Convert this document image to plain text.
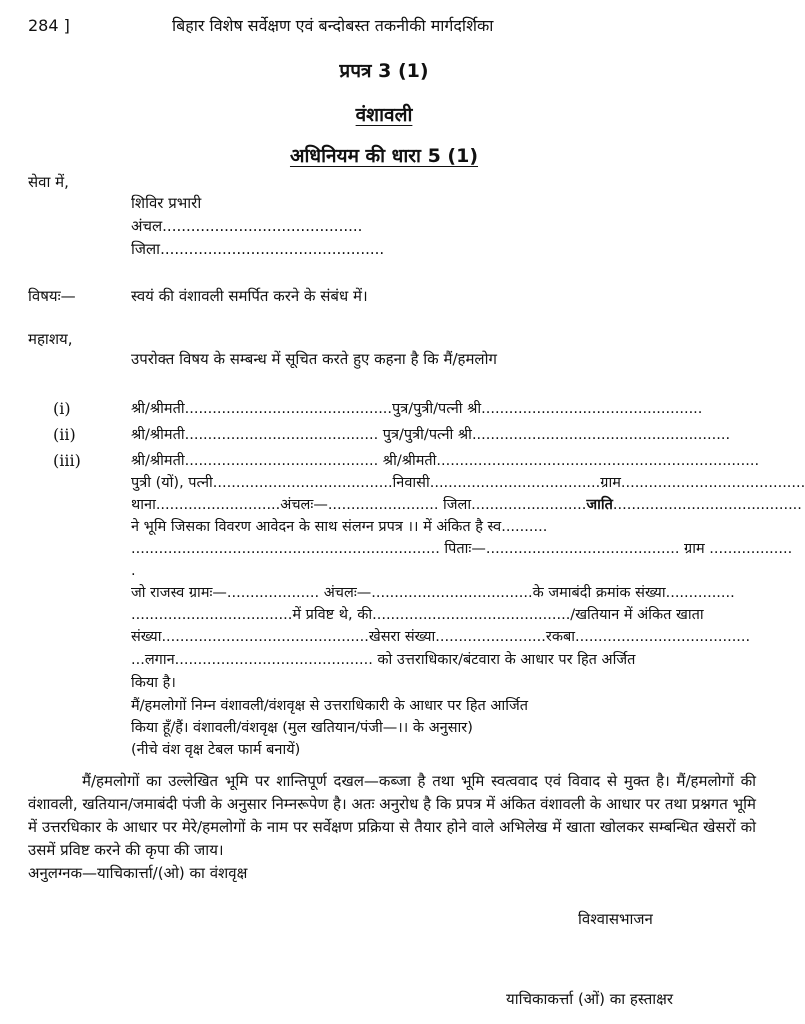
284 ]	बिहार विशेष सर्वेक्षण एवं बन्दोबस्त तकनीकी मार्गदर्शिका
प्रपत्र 3 (1)
वंशावली
अधिनियम की धारा 5 (1)
सेवा में,
शिविर प्रभारी
अंचल..........................................
जिला...............................................
विषयः—	स्वयं की वंशावली समर्पित करने के संबंध में।
महाशय,
उपरोक्त विषय के सम्बन्ध में सूचित करते हुए कहना है कि मैं/हमलोग
(i)	श्री/श्रीमती.............................................पुत्र/पुत्री/पत्नी श्री................................................
(ii)	श्री/श्रीमती.......................................... पुत्र/पुत्री/पत्नी श्री........................................................
(iii)	श्री/श्रीमती.......................................... श्री/श्रीमती......................................................................
पुत्री (यों), पत्नी.......................................निवासी.....................................ग्राम........................................
थाना...........................अंचलः—........................ जिला.........................जाति.........................................
ने भूमि जिसका विवरण आवेदन के साथ संलग्न प्रपत्र ।। में अंकित है स्व..........
................................................................... पिताः—.......................................... ग्राम ..................
.
जो राजस्व ग्रामः—.................... अंचलः—...................................के जमाबंदी क्रमांक संख्या...............
...................................में प्रविष्ट थे, की.........................................../खतियान में अंकित खाता
संख्या.............................................खेसरा संख्या........................रकबा......................................
...लगान........................................... को उत्तराधिकार/बंटवारा के आधार पर हित अर्जित
किया है।
मैं/हमलोगों निम्न वंशावली/वंशवृक्ष से उत्तराधिकारी के आधार पर हित आर्जित
किया हूँ/हैं। वंशावली/वंशवृक्ष (मुल खतियान/पंजी—।। के अनुसार)
(नीचे वंश वृक्ष टेबल फार्म बनायें)

मैं/हमलोगों का उल्लेखित भूमि पर शान्तिपूर्ण दखल—कब्जा है तथा भूमि स्वत्ववाद एवं विवाद से मुक्त है। मैं/हमलोगों की वंशावली, खतियान/जमाबंदी पंजी के अनुसार निम्नरूपेण है। अतः अनुरोध है कि प्रपत्र में अंकित वंशावली के आधार पर तथा प्रश्नगत भूमि में उत्तरधिकार के आधार पर मेरे/हमलोगों के नाम पर सर्वेक्षण प्रक्रिया से तैयार होने वाले अभिलेख में खाता खोलकर सम्बन्धित खेसरों को उसमें प्रविष्ट करने की कृपा की जाय।

अनुलग्नक—याचिकार्त्ता/(ओ) का वंशवृक्ष

विश्वासभाजन
याचिकाकर्त्ता (ओं) का हस्ताक्षर
